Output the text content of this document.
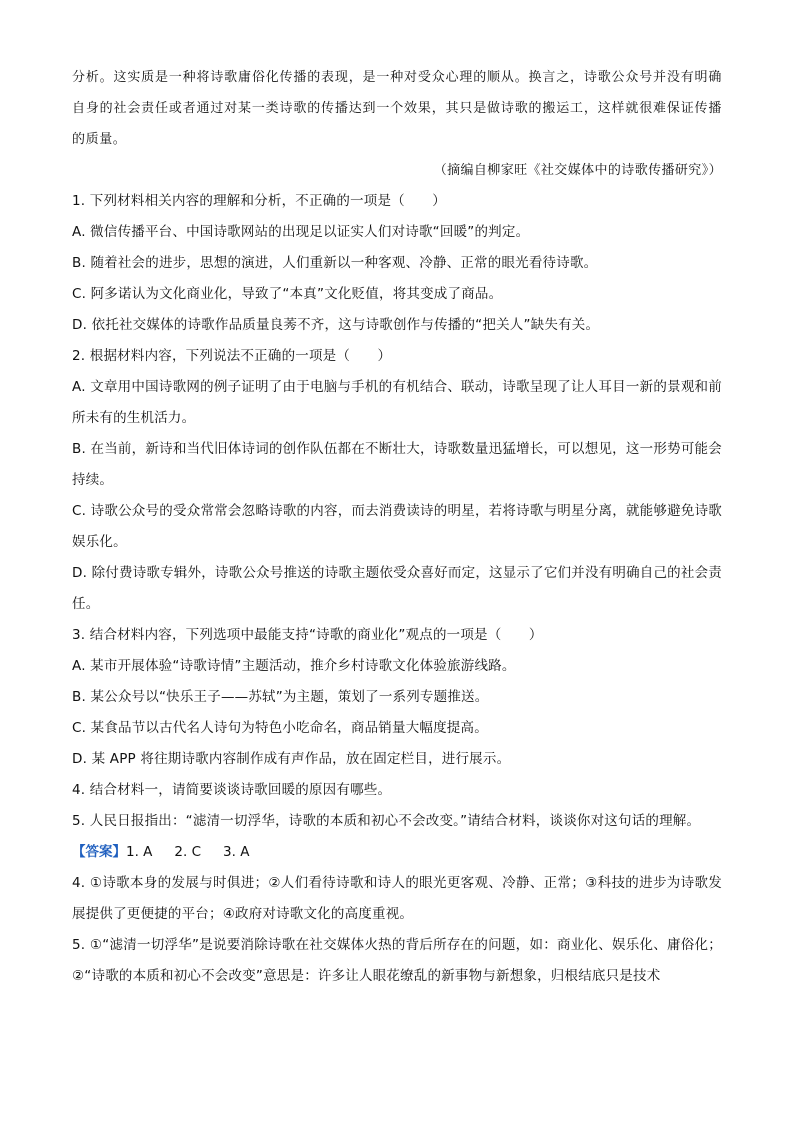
分析。这实质是一种将诗歌庸俗化传播的表现，是一种对受众心理的顺从。换言之，诗歌公众号并没有明确自身的社会责任或者通过对某一类诗歌的传播达到一个效果，其只是做诗歌的搬运工，这样就很难保证传播的质量。

（摘编自柳家旺《社交媒体中的诗歌传播研究》）

1. 下列材料相关内容的理解和分析，不正确的一项是（　　）

A. 微信传播平台、中国诗歌网站的出现足以证实人们对诗歌“回暖”的判定。

B. 随着社会的进步，思想的演进，人们重新以一种客观、冷静、正常的眼光看待诗歌。

C. 阿多诺认为文化商业化，导致了“本真”文化贬值，将其变成了商品。

D. 依托社交媒体的诗歌作品质量良莠不齐，这与诗歌创作与传播的“把关人”缺失有关。

2. 根据材料内容，下列说法不正确的一项是（　　）

A. 文章用中国诗歌网的例子证明了由于电脑与手机的有机结合、联动，诗歌呈现了让人耳目一新的景观和前所未有的生机活力。

B. 在当前，新诗和当代旧体诗词的创作队伍都在不断壮大，诗歌数量迅猛增长，可以想见，这一形势可能会持续。

C. 诗歌公众号的受众常常会忽略诗歌的内容，而去消费读诗的明星，若将诗歌与明星分离，就能够避免诗歌娱乐化。

D. 除付费诗歌专辑外，诗歌公众号推送的诗歌主题依受众喜好而定，这显示了它们并没有明确自己的社会责任。

3. 结合材料内容，下列选项中最能支持“诗歌的商业化”观点的一项是（　　）

A. 某市开展体验“诗歌诗情”主题活动，推介乡村诗歌文化体验旅游线路。

B. 某公众号以“快乐王子——苏轼”为主题，策划了一系列专题推送。

C. 某食品节以古代名人诗句为特色小吃命名，商品销量大幅度提高。

D. 某 APP 将往期诗歌内容制作成有声作品，放在固定栏目，进行展示。

4. 结合材料一，请简要谈谈诗歌回暖的原因有哪些。

5. 人民日报指出：“滤清一切浮华，诗歌的本质和初心不会改变。”请结合材料，谈谈你对这句话的理解。

【答案】1. A 2. C 3. A

4. ①诗歌本身的发展与时俱进；②人们看待诗歌和诗人的眼光更客观、冷静、正常；③科技的进步为诗歌发展提供了更便捷的平台；④政府对诗歌文化的高度重视。

5. ①“滤清一切浮华”是说要消除诗歌在社交媒体火热的背后所存在的问题，如：商业化、娱乐化、庸俗化；②“诗歌的本质和初心不会改变”意思是：许多让人眼花缭乱的新事物与新想象，归根结底只是技术
